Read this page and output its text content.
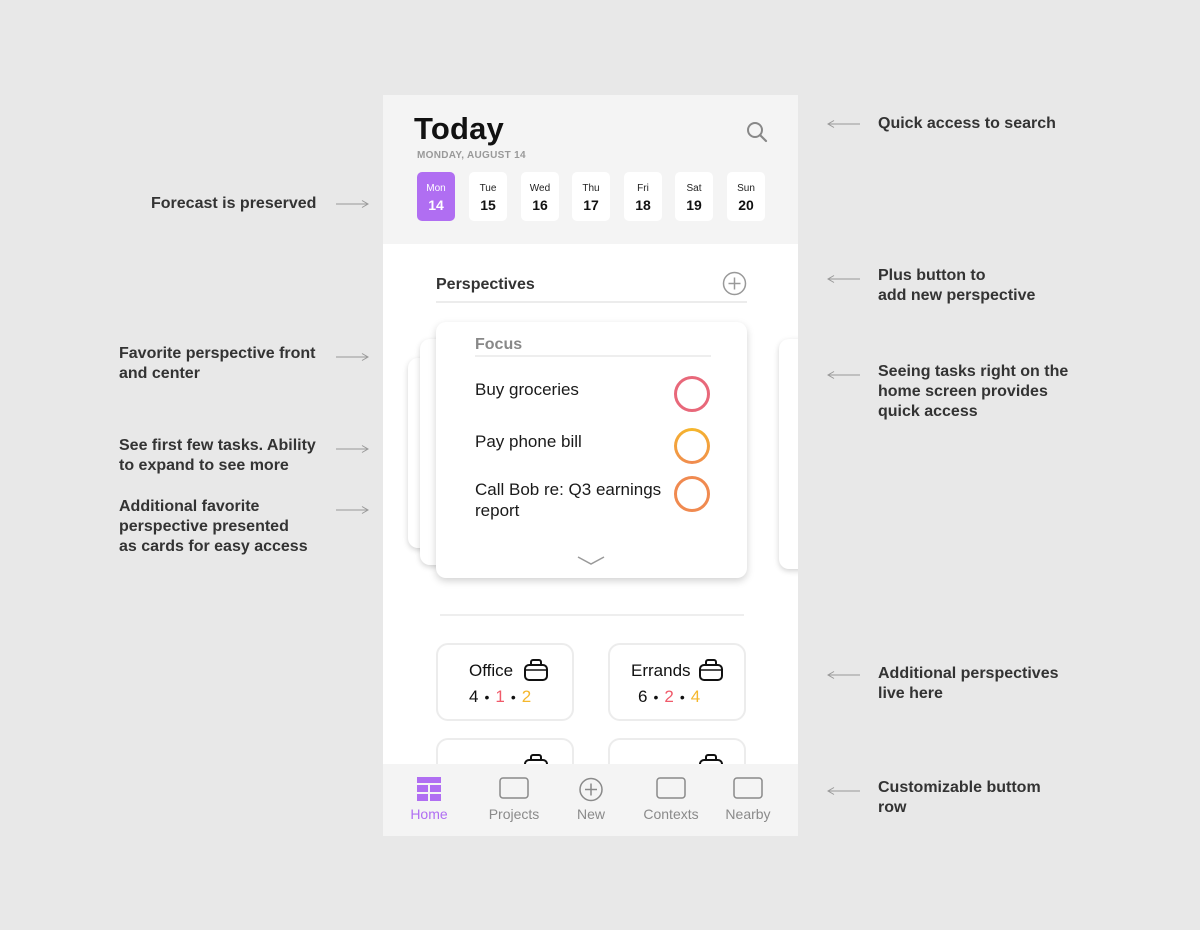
Forecast is preserved
Favorite perspective front
and center
See first few tasks. Ability
to expand to see more
Additional favorite
perspective presented
as cards for easy access
Quick access to search
Plus button to
add new perspective
Seeing tasks right on the
home screen provides
quick access
Additional perspectives
live here
Customizable buttom
row
Today
MONDAY, AUGUST 14
Mon
14
Tue
15
Wed
16
Thu
17
Fri
18
Sat
19
Sun
20
Perspectives
Focus
Buy groceries
Pay phone bill
Call Bob re: Q3 earnings report
Office
4 • 1 • 2
Errands
6 • 2 • 4
Home	Projects	New	Contexts	Nearby
